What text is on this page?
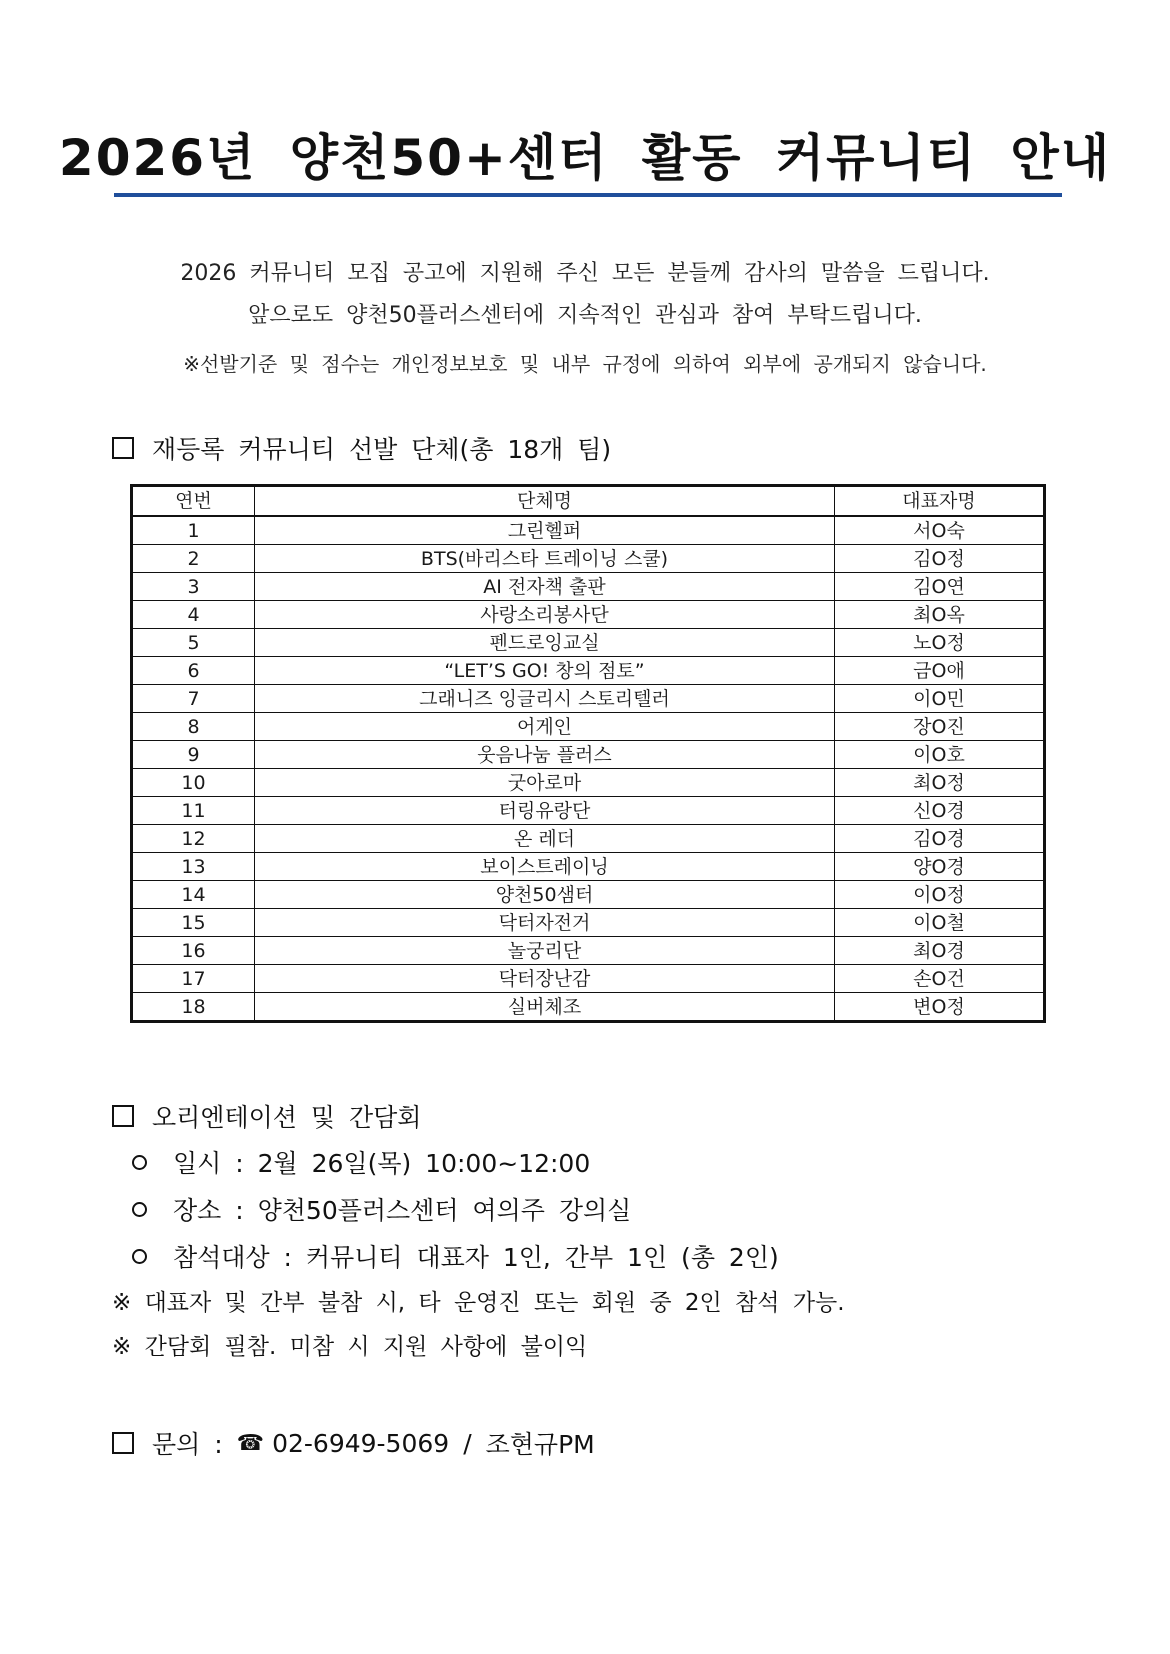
2026년 양천50+센터 활동 커뮤니티 안내
2026 커뮤니티 모집 공고에 지원해 주신 모든 분들께 감사의 말씀을 드립니다.
앞으로도 양천50플러스센터에 지속적인 관심과 참여 부탁드립니다.
※선발기준 및 점수는 개인정보보호 및 내부 규정에 의하여 외부에 공개되지 않습니다.
재등록 커뮤니티 선발 단체(총 18개 팀)
연번	단체명	대표자명
1	그린헬퍼	서O숙
2	BTS(바리스타 트레이닝 스쿨)	김O정
3	AI 전자책 출판	김O연
4	사랑소리봉사단	최O옥
5	펜드로잉교실	노O정
6	“LET’S GO! 창의 점토”	금O애
7	그래니즈 잉글리시 스토리텔러	이O민
8	어게인	장O진
9	웃음나눔 플러스	이O호
10	굿아로마	최O정
11	터링유랑단	신O경
12	온 레더	김O경
13	보이스트레이닝	양O경
14	양천50샘터	이O정
15	닥터자전거	이O철
16	놀궁리단	최O경
17	닥터장난감	손O건
18	실버체조	변O정
오리엔테이션 및 간담회
일시 : 2월 26일(목) 10:00~12:00
장소 : 양천50플러스센터 여의주 강의실
참석대상 : 커뮤니티 대표자 1인, 간부 1인 (총 2인)
※ 대표자 및 간부 불참 시, 타 운영진 또는 회원 중 2인 참석 가능.
※ 간담회 필참. 미참 시 지원 사항에 불이익
문의 : ☎ 02-6949-5069 / 조현규PM
